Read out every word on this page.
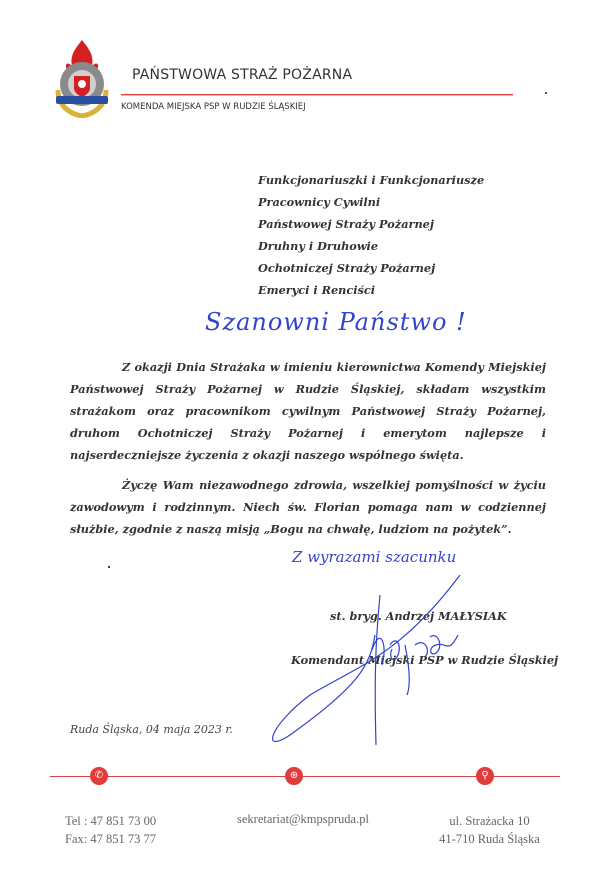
PAŃSTWOWA STRAŻ POŻARNA
KOMENDA MIEJSKA PSP W RUDZIE ŚLĄSKIEJ
Funkcjonariuszki i Funkcjonariusze
Pracownicy Cywilni
Państwowej Straży Pożarnej
Druhny i Druhowie
Ochotniczej Straży Pożarnej
Emeryci i Renciści
Szanowni Państwo !
Z okazji Dnia Strażaka w imieniu kierownictwa Komendy Miejskiej Państwowej Straży Pożarnej w Rudzie Śląskiej, składam wszystkim strażakom oraz pracownikom cywilnym Państwowej Straży Pożarnej, druhom Ochotniczej Straży Pożarnej i emerytom najlepsze i najserdeczniejsze życzenia z okazji naszego wspólnego święta.
Życzę Wam niezawodnego zdrowia, wszelkiej pomyślności w życiu zawodowym i rodzinnym. Niech św. Florian pomaga nam w codziennej służbie, zgodnie z naszą misją „Bogu na chwałę, ludziom na pożytek”.
Z wyrazami szacunku
st. bryg. Andrzej MAŁYSIAK
Komendant Miejski PSP w Rudzie Śląskiej
Ruda Śląska, 04 maja 2023 r.
✆	⊕	⚲
Tel : 47 851 73 00
Fax: 47 851 73 77
sekretariat@kmpspruda.pl	ul. Strażacka 10
41-710 Ruda Śląska
